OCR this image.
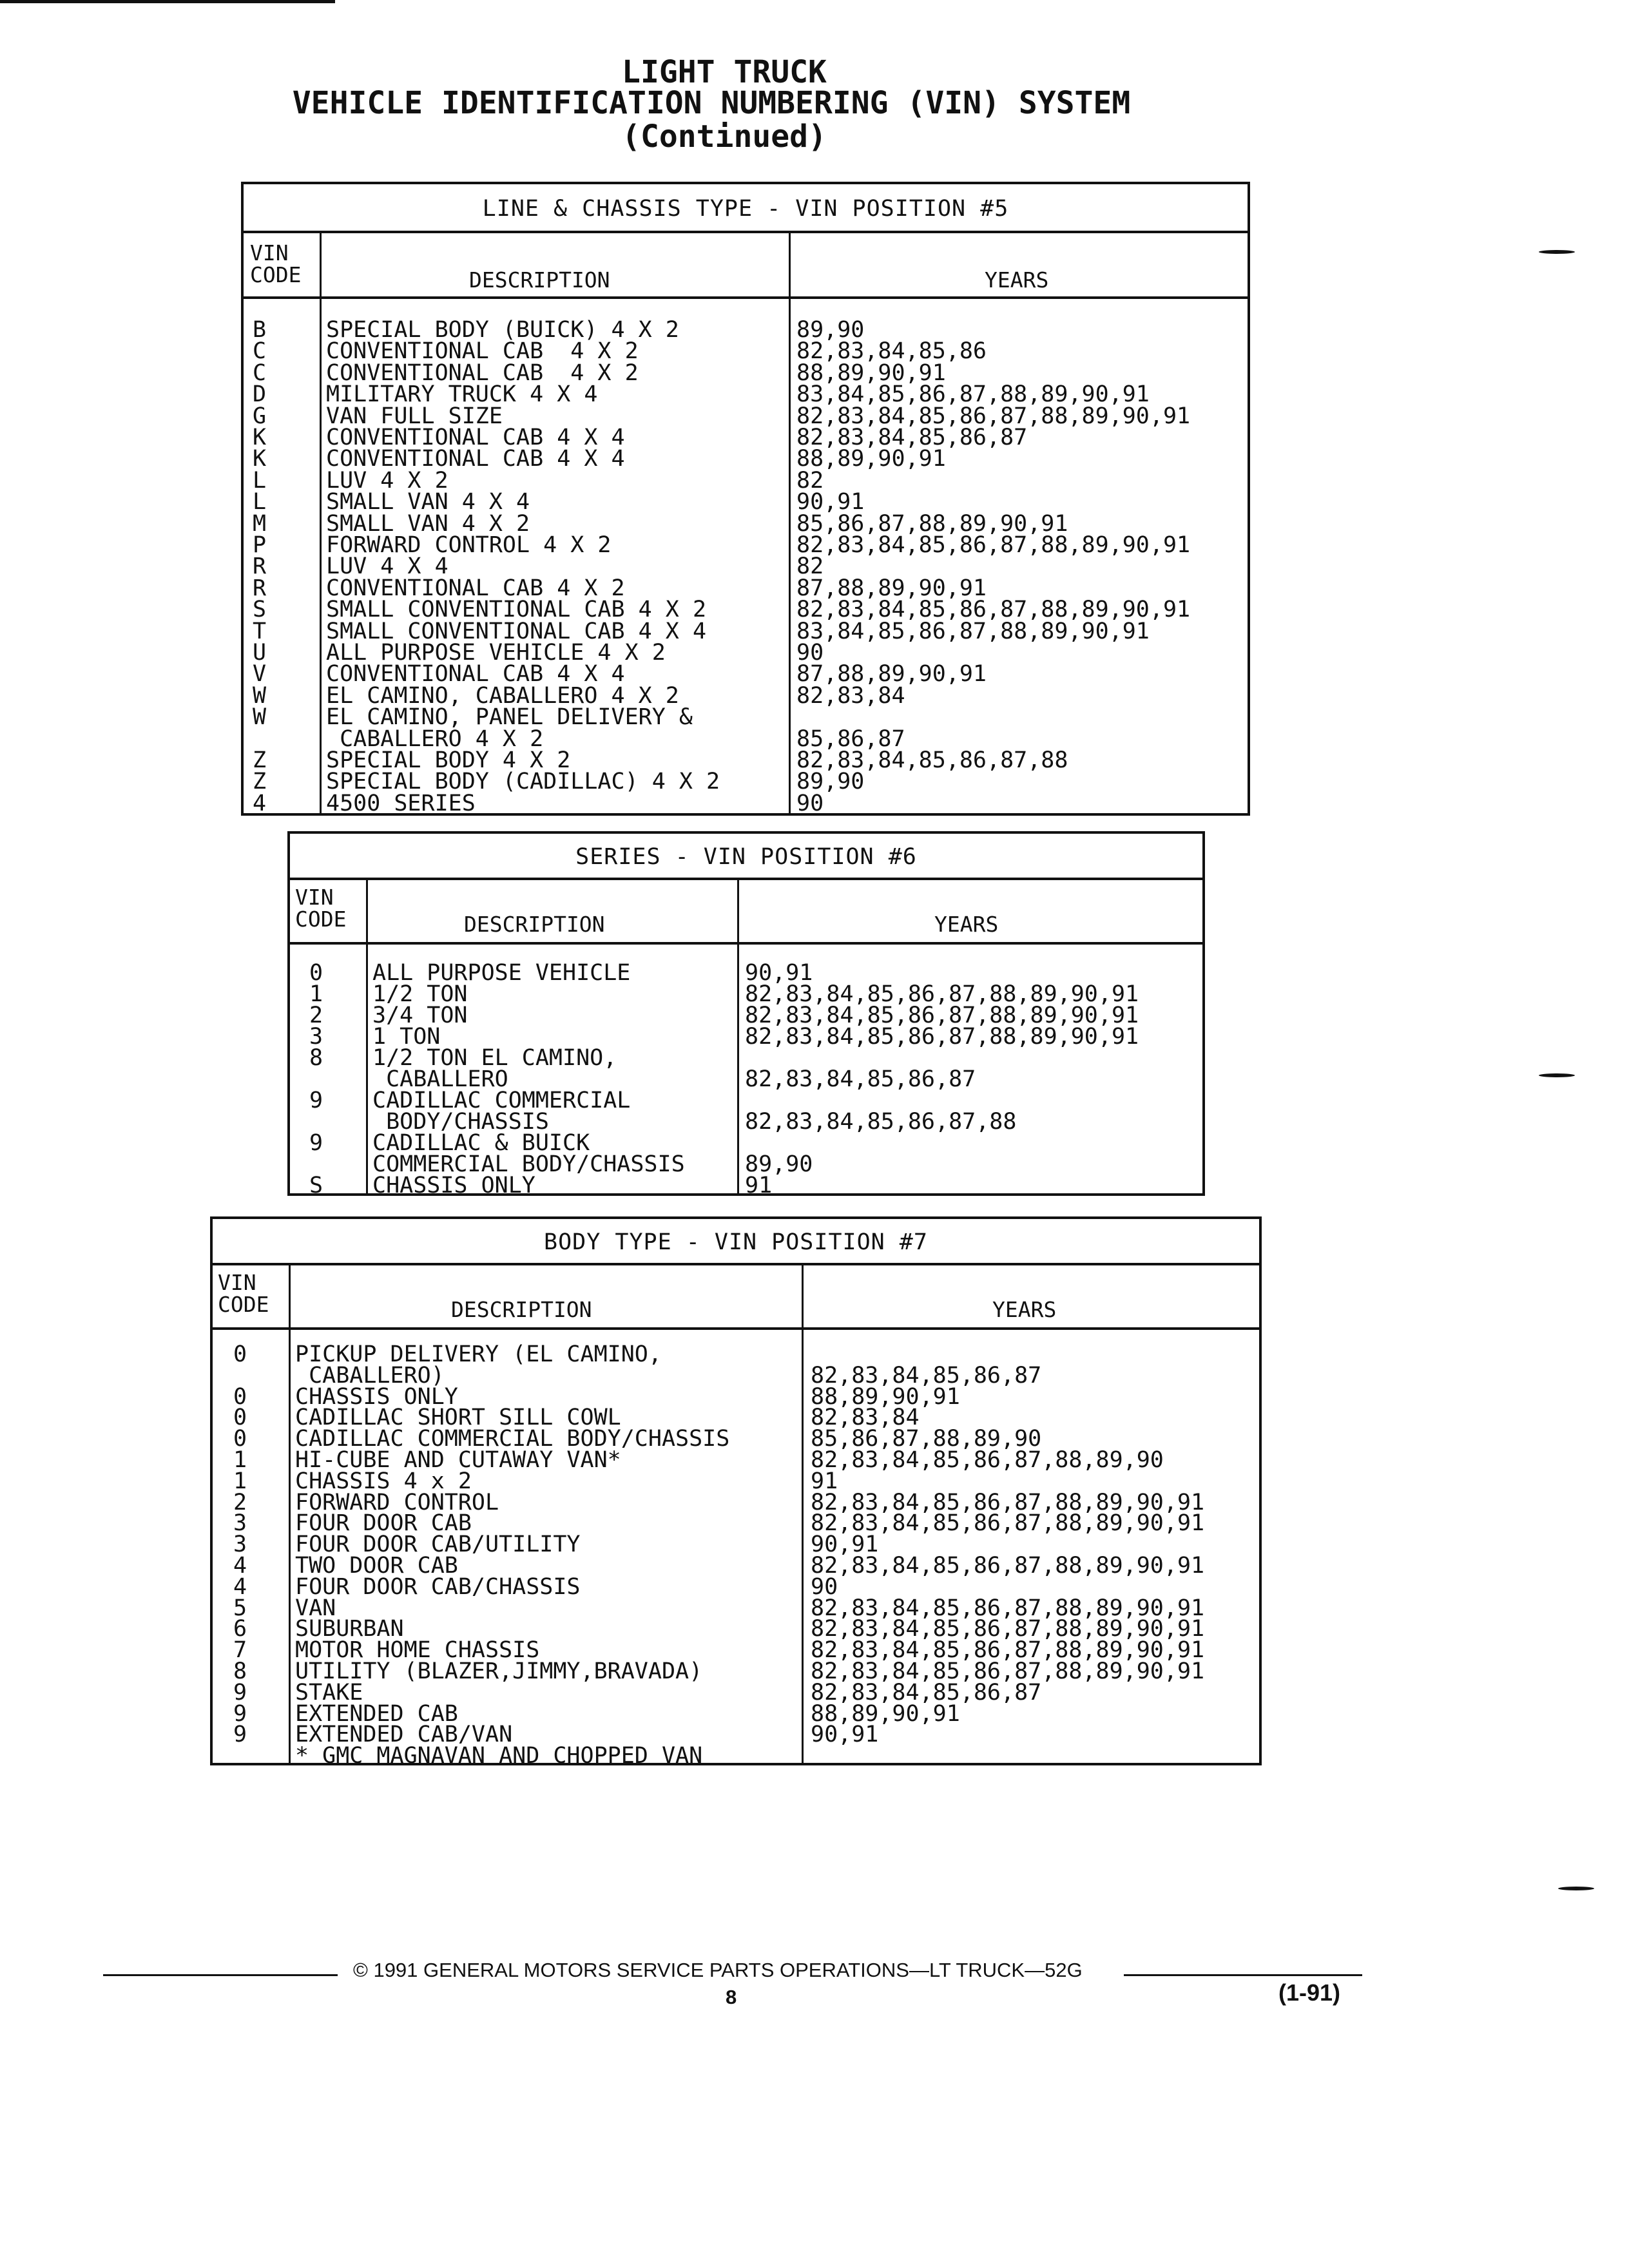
LIGHT TRUCK
VEHICLE IDENTIFICATION NUMBERING (VIN) SYSTEM
(Continued)
LINE & CHASSIS TYPE - VIN POSITION #5
VIN
CODE	DESCRIPTION	YEARS
B	SPECIAL BODY (BUICK) 4 X 2	89,90
C	CONVENTIONAL CAB  4 X 2	82,83,84,85,86
C	CONVENTIONAL CAB  4 X 2	88,89,90,91
D	MILITARY TRUCK 4 X 4	83,84,85,86,87,88,89,90,91
G	VAN FULL SIZE	82,83,84,85,86,87,88,89,90,91
K	CONVENTIONAL CAB 4 X 4	82,83,84,85,86,87
K	CONVENTIONAL CAB 4 X 4	88,89,90,91
L	LUV 4 X 2	82
L	SMALL VAN 4 X 4	90,91
M	SMALL VAN 4 X 2	85,86,87,88,89,90,91
P	FORWARD CONTROL 4 X 2	82,83,84,85,86,87,88,89,90,91
R	LUV 4 X 4	82
R	CONVENTIONAL CAB 4 X 2	87,88,89,90,91
S	SMALL CONVENTIONAL CAB 4 X 2	82,83,84,85,86,87,88,89,90,91
T	SMALL CONVENTIONAL CAB 4 X 4	83,84,85,86,87,88,89,90,91
U	ALL PURPOSE VEHICLE 4 X 2	90
V	CONVENTIONAL CAB 4 X 4	87,88,89,90,91
W	EL CAMINO, CABALLERO 4 X 2	82,83,84
W	EL CAMINO, PANEL DELIVERY &
CABALLERO 4 X 2	85,86,87
Z	SPECIAL BODY 4 X 2	82,83,84,85,86,87,88
Z	SPECIAL BODY (CADILLAC) 4 X 2	89,90
4	4500 SERIES	90
SERIES - VIN POSITION #6
VIN
CODE	DESCRIPTION	YEARS
0 ALL PURPOSE VEHICLE	90,91
1 1/2 TON	82,83,84,85,86,87,88,89,90,91
2 3/4 TON	82,83,84,85,86,87,88,89,90,91
3 1 TON	82,83,84,85,86,87,88,89,90,91
8 1/2 TON EL CAMINO,
CABALLERO	82,83,84,85,86,87
9 CADILLAC COMMERCIAL
BODY/CHASSIS	82,83,84,85,86,87,88
9 CADILLAC & BUICK
COMMERCIAL BODY/CHASSIS	89,90
S CHASSIS ONLY	91
BODY TYPE - VIN POSITION #7
VIN
CODE	DESCRIPTION	YEARS
0 PICKUP DELIVERY (EL CAMINO,
CABALLERO)	82,83,84,85,86,87
0 CHASSIS ONLY	88,89,90,91
0 CADILLAC SHORT SILL COWL	82,83,84
0 CADILLAC COMMERCIAL BODY/CHASSIS	85,86,87,88,89,90
1 HI-CUBE AND CUTAWAY VAN*	82,83,84,85,86,87,88,89,90
1 CHASSIS 4 x 2	91
2 FORWARD CONTROL	82,83,84,85,86,87,88,89,90,91
3 FOUR DOOR CAB	82,83,84,85,86,87,88,89,90,91
3 FOUR DOOR CAB/UTILITY	90,91
4 TWO DOOR CAB	82,83,84,85,86,87,88,89,90,91
4 FOUR DOOR CAB/CHASSIS	90
5 VAN	82,83,84,85,86,87,88,89,90,91
6 SUBURBAN	82,83,84,85,86,87,88,89,90,91
7 MOTOR HOME CHASSIS	82,83,84,85,86,87,88,89,90,91
8 UTILITY (BLAZER,JIMMY,BRAVADA)	82,83,84,85,86,87,88,89,90,91
9 STAKE	82,83,84,85,86,87
9 EXTENDED CAB	88,89,90,91
9 EXTENDED CAB/VAN	90,91
* GMC MAGNAVAN AND CHOPPED VAN
© 1991 GENERAL MOTORS SERVICE PARTS OPERATIONS—LT TRUCK—52G
8	(1-91)
